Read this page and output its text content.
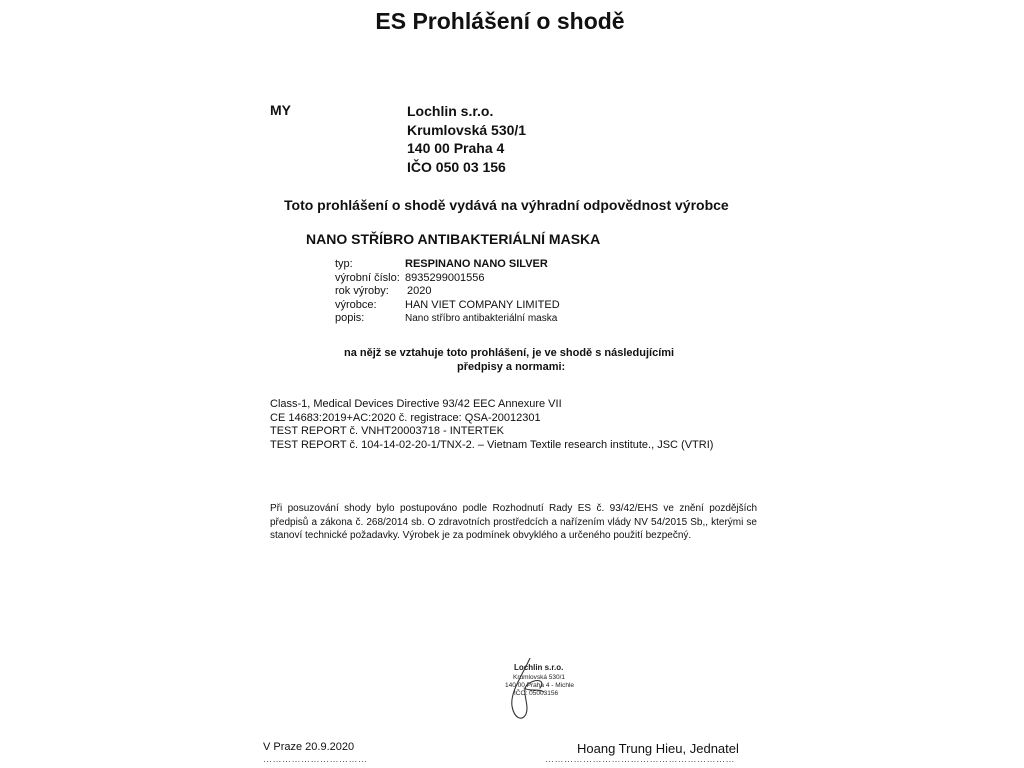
ES Prohlášení o shodě
MY	Lochlin s.r.o.
Krumlovská 530/1
140 00 Praha 4
IČO 050 03 156
Toto prohlášení o shodě vydává na výhradní odpovědnost výrobce
NANO STŘÍBRO ANTIBAKTERIÁLNÍ MASKA
typ:	RESPINANO NANO SILVER
výrobní číslo:	8935299001556
rok výroby:	2020
výrobce:	HAN VIET COMPANY LIMITED
popis:	Nano stříbro antibakteriální maska
na nějž se vztahuje toto prohlášení, je ve shodě s následujícími
předpisy a normami:
Class-1, Medical Devices Directive 93/42 EEC Annexure VII
CE 14683:2019+AC:2020 č. registrace: QSA-20012301
TEST REPORT č. VNHT20003718 - INTERTEK
TEST REPORT č. 104-14-02-20-1/TNX-2. – Vietnam Textile research institute., JSC (VTRI)
Při posuzování shody bylo postupováno podle Rozhodnutí Rady ES č. 93/42/EHS ve znění pozdějších předpisů a zákona č. 268/2014 sb. O zdravotních prostředcích a nařízením vlády NV 54/2015 Sb,, kterými se stanoví technické požadavky. Výrobek je za podmínek obvyklého a určeného použití bezpečný.
Lochlin s.r.o.
Krumlovská 530/1
140 00 Praha 4 - Michle
IČO: 05003156
V Praze 20.9.2020
……………………………
Hoang Trung Hieu, Jednatel
……………………………………………………
